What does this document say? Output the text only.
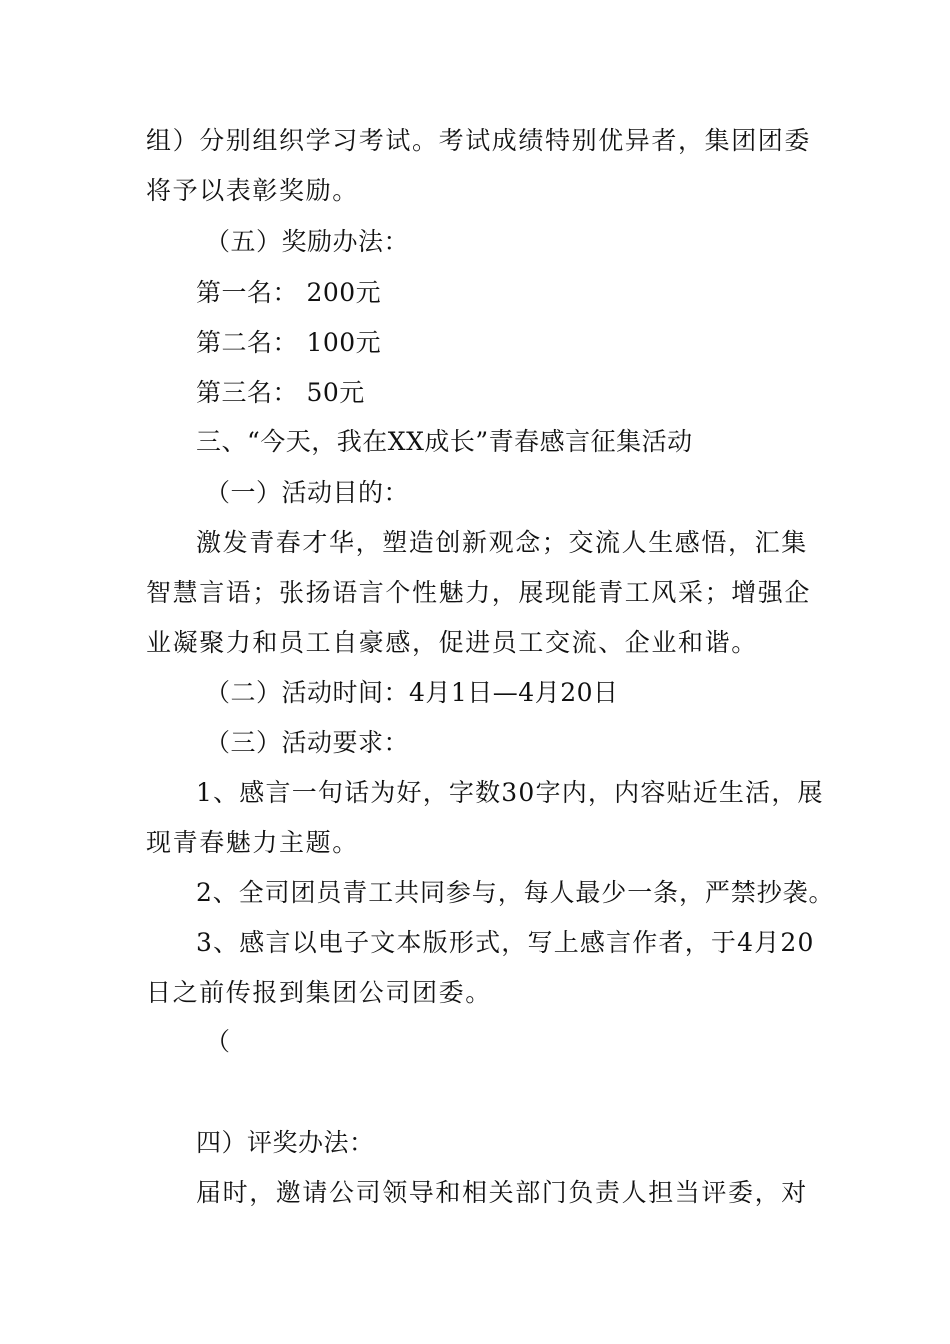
组）分别组织学习考试。考试成绩特别优异者，集团团委
将予以表彰奖励。
（五）奖励办法：
第一名： 200元
第二名： 100元
第三名： 50元
三、“今天，我在XX成长”青春感言征集活动
（一）活动目的：
激发青春才华，塑造创新观念；交流人生感悟，汇集
智慧言语；张扬语言个性魅力，展现能青工风采；增强企
业凝聚力和员工自豪感，促进员工交流、企业和谐。
（二）活动时间：4月1日—4月20日
（三）活动要求：
1、感言一句话为好，字数30字内，内容贴近生活，展
现青春魅力主题。
2、全司团员青工共同参与，每人最少一条，严禁抄袭。
3、感言以电子文本版形式，写上感言作者，于4月20
日之前传报到集团公司团委。
（
四）评奖办法：
届时，邀请公司领导和相关部门负责人担当评委，对
